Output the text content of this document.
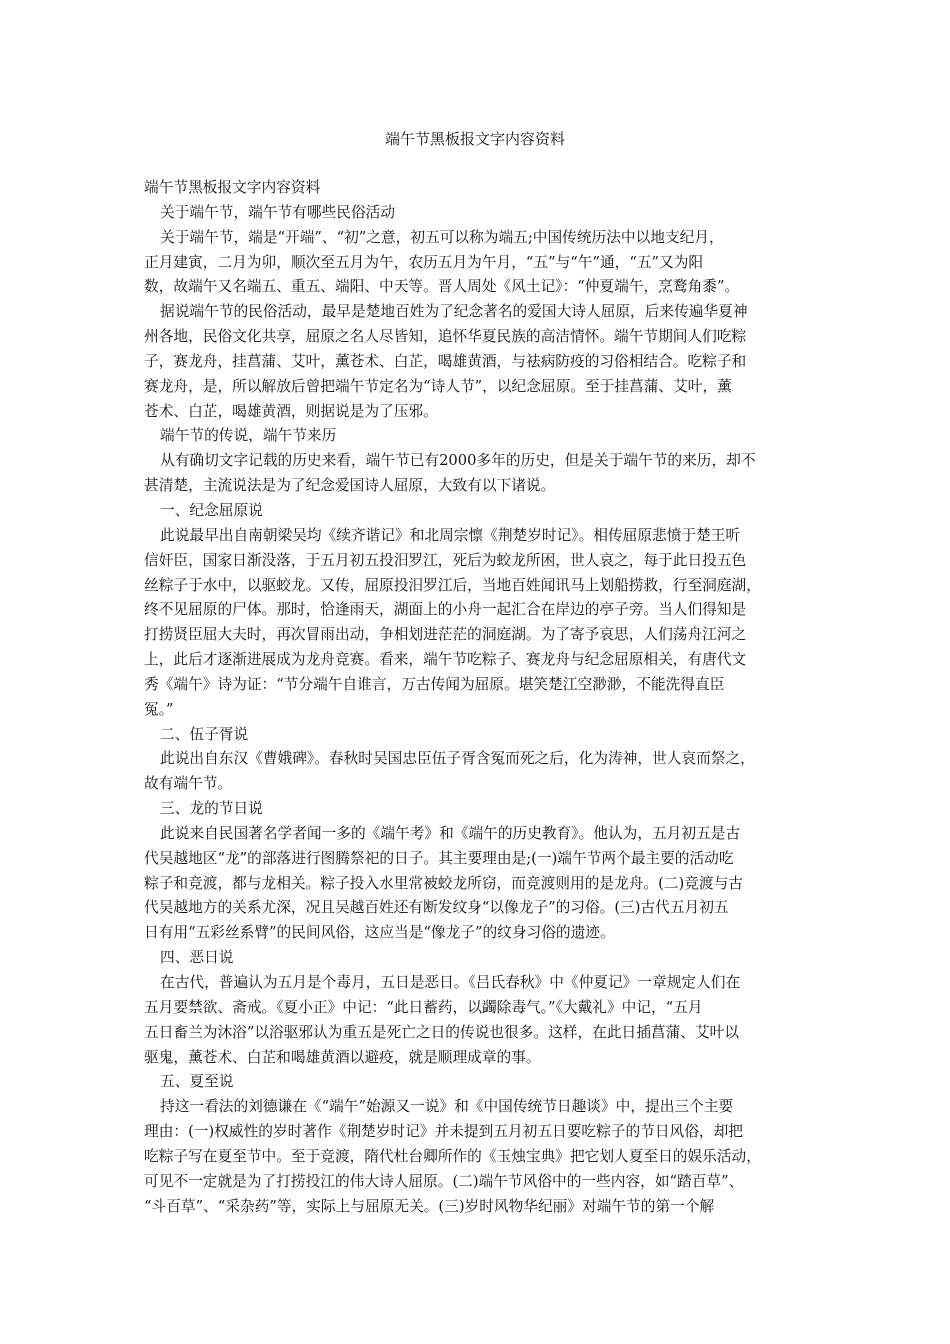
端午节黑板报文字内容资料
端午节黑板报文字内容资料
关于端午节，端午节有哪些民俗活动
关于端午节，端是“开端”、“初”之意，初五可以称为端五;中国传统历法中以地支纪月，
正月建寅，二月为卯，顺次至五月为午，农历五月为午月，“五”与“午”通，“五”又为阳
数，故端午又名端五、重五、端阳、中天等。晋人周处《风土记》：“仲夏端午，烹鹜角黍”。
据说端午节的民俗活动，最早是楚地百姓为了纪念著名的爱国大诗人屈原，后来传遍华夏神
州各地，民俗文化共享，屈原之名人尽皆知，追怀华夏民族的高洁情怀。端午节期间人们吃粽
子，赛龙舟，挂菖蒲、艾叶，薰苍术、白芷，喝雄黄酒，与祛病防疫的习俗相结合。吃粽子和
赛龙舟，是，所以解放后曾把端午节定名为“诗人节”，以纪念屈原。至于挂菖蒲、艾叶，薰
苍术、白芷，喝雄黄酒，则据说是为了压邪。
端午节的传说，端午节来历
从有确切文字记载的历史来看，端午节已有2000多年的历史，但是关于端午节的来历，却不
甚清楚，主流说法是为了纪念爱国诗人屈原，大致有以下诸说。
一、纪念屈原说
此说最早出自南朝梁吴均《续齐谐记》和北周宗懔《荆楚岁时记》。相传屈原悲愤于楚王听
信奸臣，国家日渐没落，于五月初五投汨罗江，死后为蛟龙所困，世人哀之，每于此日投五色
丝粽子于水中，以驱蛟龙。又传，屈原投汨罗江后，当地百姓闻讯马上划船捞救，行至洞庭湖，
终不见屈原的尸体。那时，恰逢雨天，湖面上的小舟一起汇合在岸边的亭子旁。当人们得知是
打捞贤臣屈大夫时，再次冒雨出动，争相划进茫茫的洞庭湖。为了寄予哀思，人们荡舟江河之
上，此后才逐渐进展成为龙舟竞赛。看来，端午节吃粽子、赛龙舟与纪念屈原相关，有唐代文
秀《端午》诗为证：“节分端午自谁言，万古传闻为屈原。堪笑楚江空渺渺，不能洗得直臣
冤。”
二、伍子胥说
此说出自东汉《曹娥碑》。春秋时吴国忠臣伍子胥含冤而死之后，化为涛神，世人哀而祭之，
故有端午节。
三、龙的节日说
此说来自民国著名学者闻一多的《端午考》和《端午的历史教育》。他认为，五月初五是古
代吴越地区“龙”的部落进行图腾祭祀的日子。其主要理由是;(一)端午节两个最主要的活动吃
粽子和竞渡，都与龙相关。粽子投入水里常被蛟龙所窃，而竞渡则用的是龙舟。(二)竞渡与古
代吴越地方的关系尤深，况且吴越百姓还有断发纹身“以像龙子”的习俗。(三)古代五月初五
日有用“五彩丝系臂”的民间风俗，这应当是“像龙子”的纹身习俗的遗迹。
四、恶日说
在古代，普遍认为五月是个毒月，五日是恶日。《吕氏春秋》中《仲夏记》一章规定人们在
五月要禁欲、斋戒。《夏小正》中记：“此日蓄药，以蠲除毒气。”《大戴礼》中记，“五月
五日畜兰为沐浴”以浴驱邪认为重五是死亡之日的传说也很多。这样，在此日插菖蒲、艾叶以
驱鬼，薰苍术、白芷和喝雄黄酒以避疫，就是顺理成章的事。
五、夏至说
持这一看法的刘德谦在《“端午”始源又一说》和《中国传统节日趣谈》中，提出三个主要
理由：(一)权威性的岁时著作《荆楚岁时记》并未提到五月初五日要吃粽子的节日风俗，却把
吃粽子写在夏至节中。至于竞渡，隋代杜台卿所作的《玉烛宝典》把它划人夏至日的娱乐活动，
可见不一定就是为了打捞投江的伟大诗人屈原。(二)端午节风俗中的一些内容，如“踏百草”、
“斗百草”、“采杂药”等，实际上与屈原无关。(三)岁时风物华纪丽》对端午节的第一个解
